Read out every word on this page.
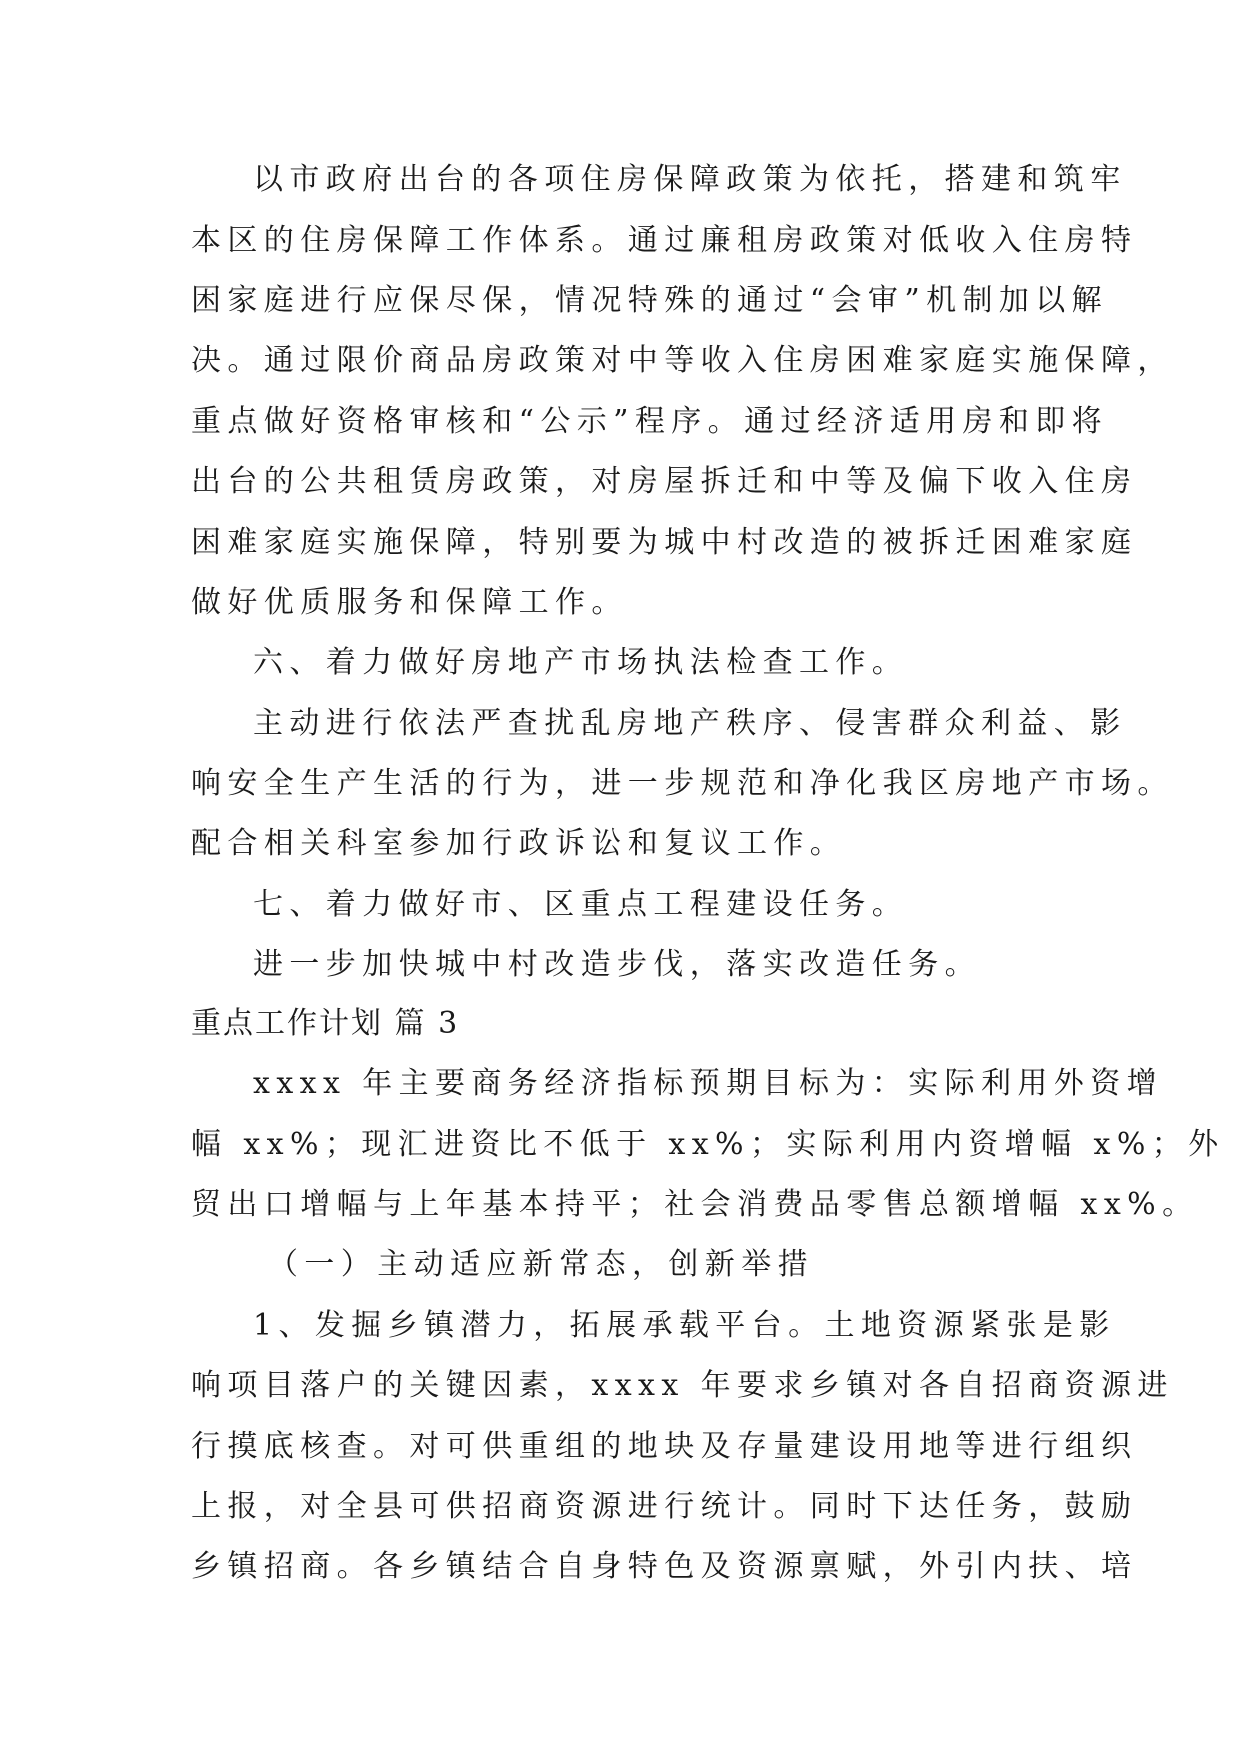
以市政府出台的各项住房保障政策为依托，搭建和筑牢
本区的住房保障工作体系。通过廉租房政策对低收入住房特
困家庭进行应保尽保，情况特殊的通过“会审”机制加以解
决。通过限价商品房政策对中等收入住房困难家庭实施保障，
重点做好资格审核和“公示”程序。通过经济适用房和即将
出台的公共租赁房政策，对房屋拆迁和中等及偏下收入住房
困难家庭实施保障，特别要为城中村改造的被拆迁困难家庭
做好优质服务和保障工作。
六、着力做好房地产市场执法检查工作。
主动进行依法严查扰乱房地产秩序、侵害群众利益、影
响安全生产生活的行为，进一步规范和净化我区房地产市场。
配合相关科室参加行政诉讼和复议工作。
七、着力做好市、区重点工程建设任务。
进一步加快城中村改造步伐，落实改造任务。
重点工作计划 篇 3
xxxx 年主要商务经济指标预期目标为：实际利用外资增
幅 xx%；现汇进资比不低于 xx%；实际利用内资增幅 x%；外
贸出口增幅与上年基本持平；社会消费品零售总额增幅 xx%。
（一）主动适应新常态，创新举措
1、发掘乡镇潜力，拓展承载平台。土地资源紧张是影
响项目落户的关键因素，xxxx 年要求乡镇对各自招商资源进
行摸底核查。对可供重组的地块及存量建设用地等进行组织
上报，对全县可供招商资源进行统计。同时下达任务，鼓励
乡镇招商。各乡镇结合自身特色及资源禀赋，外引内扶、培
